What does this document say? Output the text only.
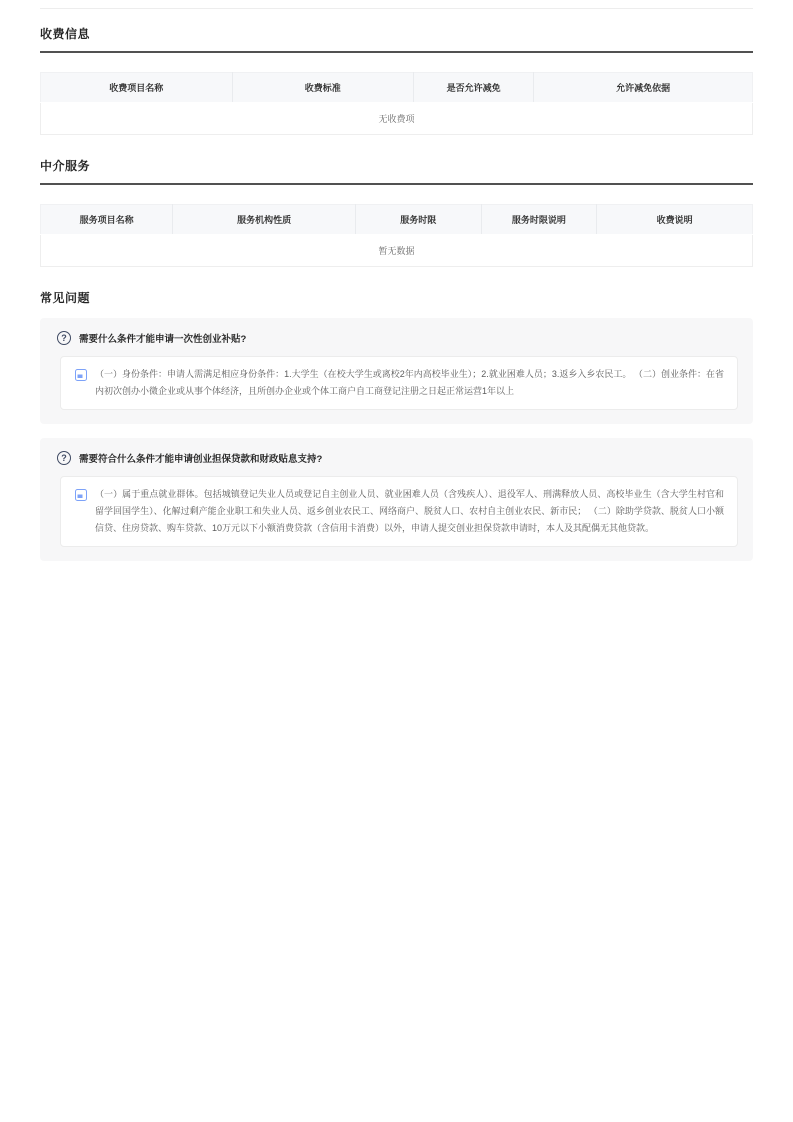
收费信息
收费项目名称	收费标准	是否允许减免	允许减免依据
无收费项
中介服务
服务项目名称	服务机构性质	服务时限	服务时限说明	收费说明
暂无数据
常见问题
?	需要什么条件才能申请一次性创业补贴?
（一）身份条件：申请人需满足相应身份条件：1.大学生（在校大学生或离校2年内高校毕业生）；2.就业困难人员；3.返乡入乡农民工。 （二）创业条件：在省内初次创办小微企业或从事个体经济，且所创办企业或个体工商户自工商登记注册之日起正常运营1年以上
?	需要符合什么条件才能申请创业担保贷款和财政贴息支持?
（一）属于重点就业群体。包括城镇登记失业人员或登记自主创业人员、就业困难人员（含残疾人）、退役军人、刑满释放人员、高校毕业生（含大学生村官和留学回国学生）、化解过剩产能企业职工和失业人员、返乡创业农民工、网络商户、脱贫人口、农村自主创业农民、新市民； （二）除助学贷款、脱贫人口小额信贷、住房贷款、购车贷款、10万元以下小额消费贷款（含信用卡消费）以外，申请人提交创业担保贷款申请时，本人及其配偶无其他贷款。
